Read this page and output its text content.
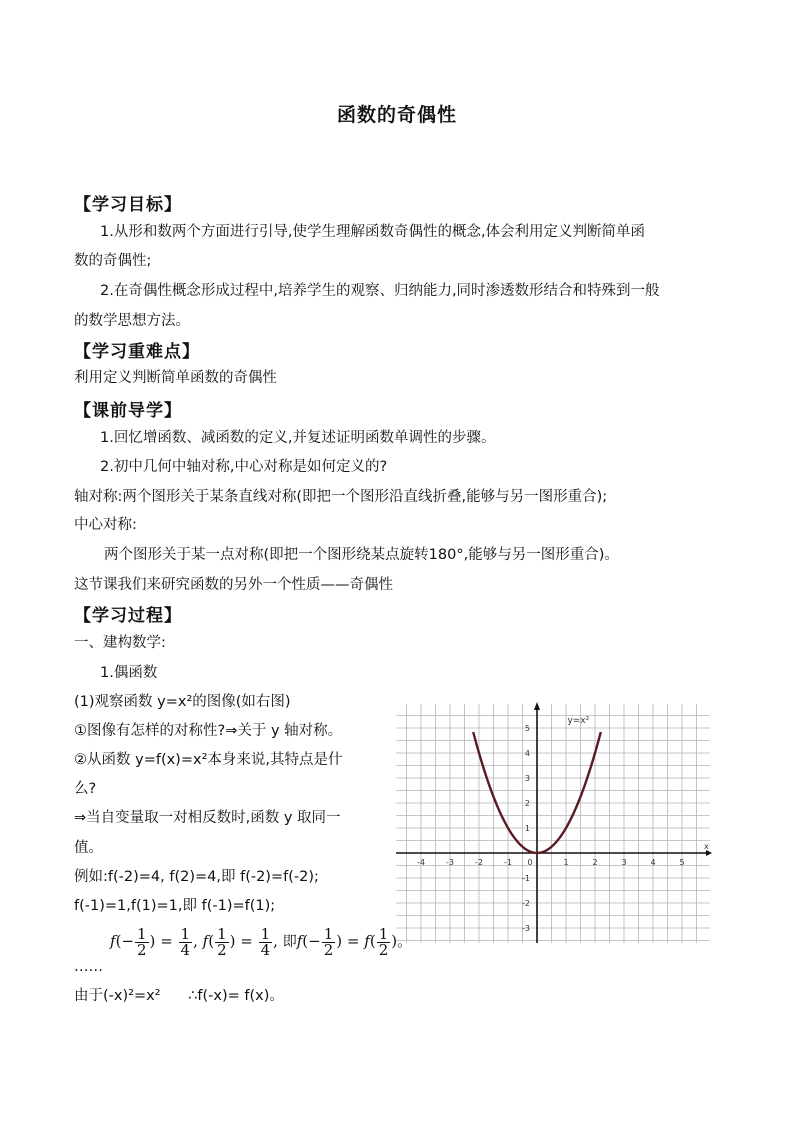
函数的奇偶性
【学习目标】
1.从形和数两个方面进行引导,使学生理解函数奇偶性的概念,体会利用定义判断简单函
数的奇偶性;
2.在奇偶性概念形成过程中,培养学生的观察、归纳能力,同时渗透数形结合和特殊到一般
的数学思想方法。
【学习重难点】
利用定义判断简单函数的奇偶性
【课前导学】
1.回忆增函数、减函数的定义,并复述证明函数单调性的步骤。
2.初中几何中轴对称,中心对称是如何定义的?
轴对称:两个图形关于某条直线对称(即把一个图形沿直线折叠,能够与另一图形重合);
中心对称:
两个图形关于某一点对称(即把一个图形绕某点旋转180°,能够与另一图形重合)。
这节课我们来研究函数的另外一个性质——奇偶性
【学习过程】
一、建构数学:
1.偶函数
(1)观察函数 y=x²的图像(如右图)
①图像有怎样的对称性?⇒关于 y 轴对称。
②从函数 y=f(x)=x²本身来说,其特点是什
么?
⇒当自变量取一对相反数时,函数 y 取同一
值。
例如:f(-2)=4, f(2)=4,即 f(-2)=f(-2);
f(-1)=1,f(1)=1,即 f(-1)=f(1);
$f(- \frac{1}{2}$ ) = $\frac{1}{4}$ , $f( \frac{1}{2}$ ) = $\frac{1}{4}$ , 即$f(- \frac{1}{2}$ ) = $f( \frac{1}{2}$ )。
……
由于(-x)²=x²      ∴f(-x)= f(x)。
x
-4	-3	-2	-1 0	1	2	3	4	5
-3
-2
-1
1
2
3
4
5
y=x²
